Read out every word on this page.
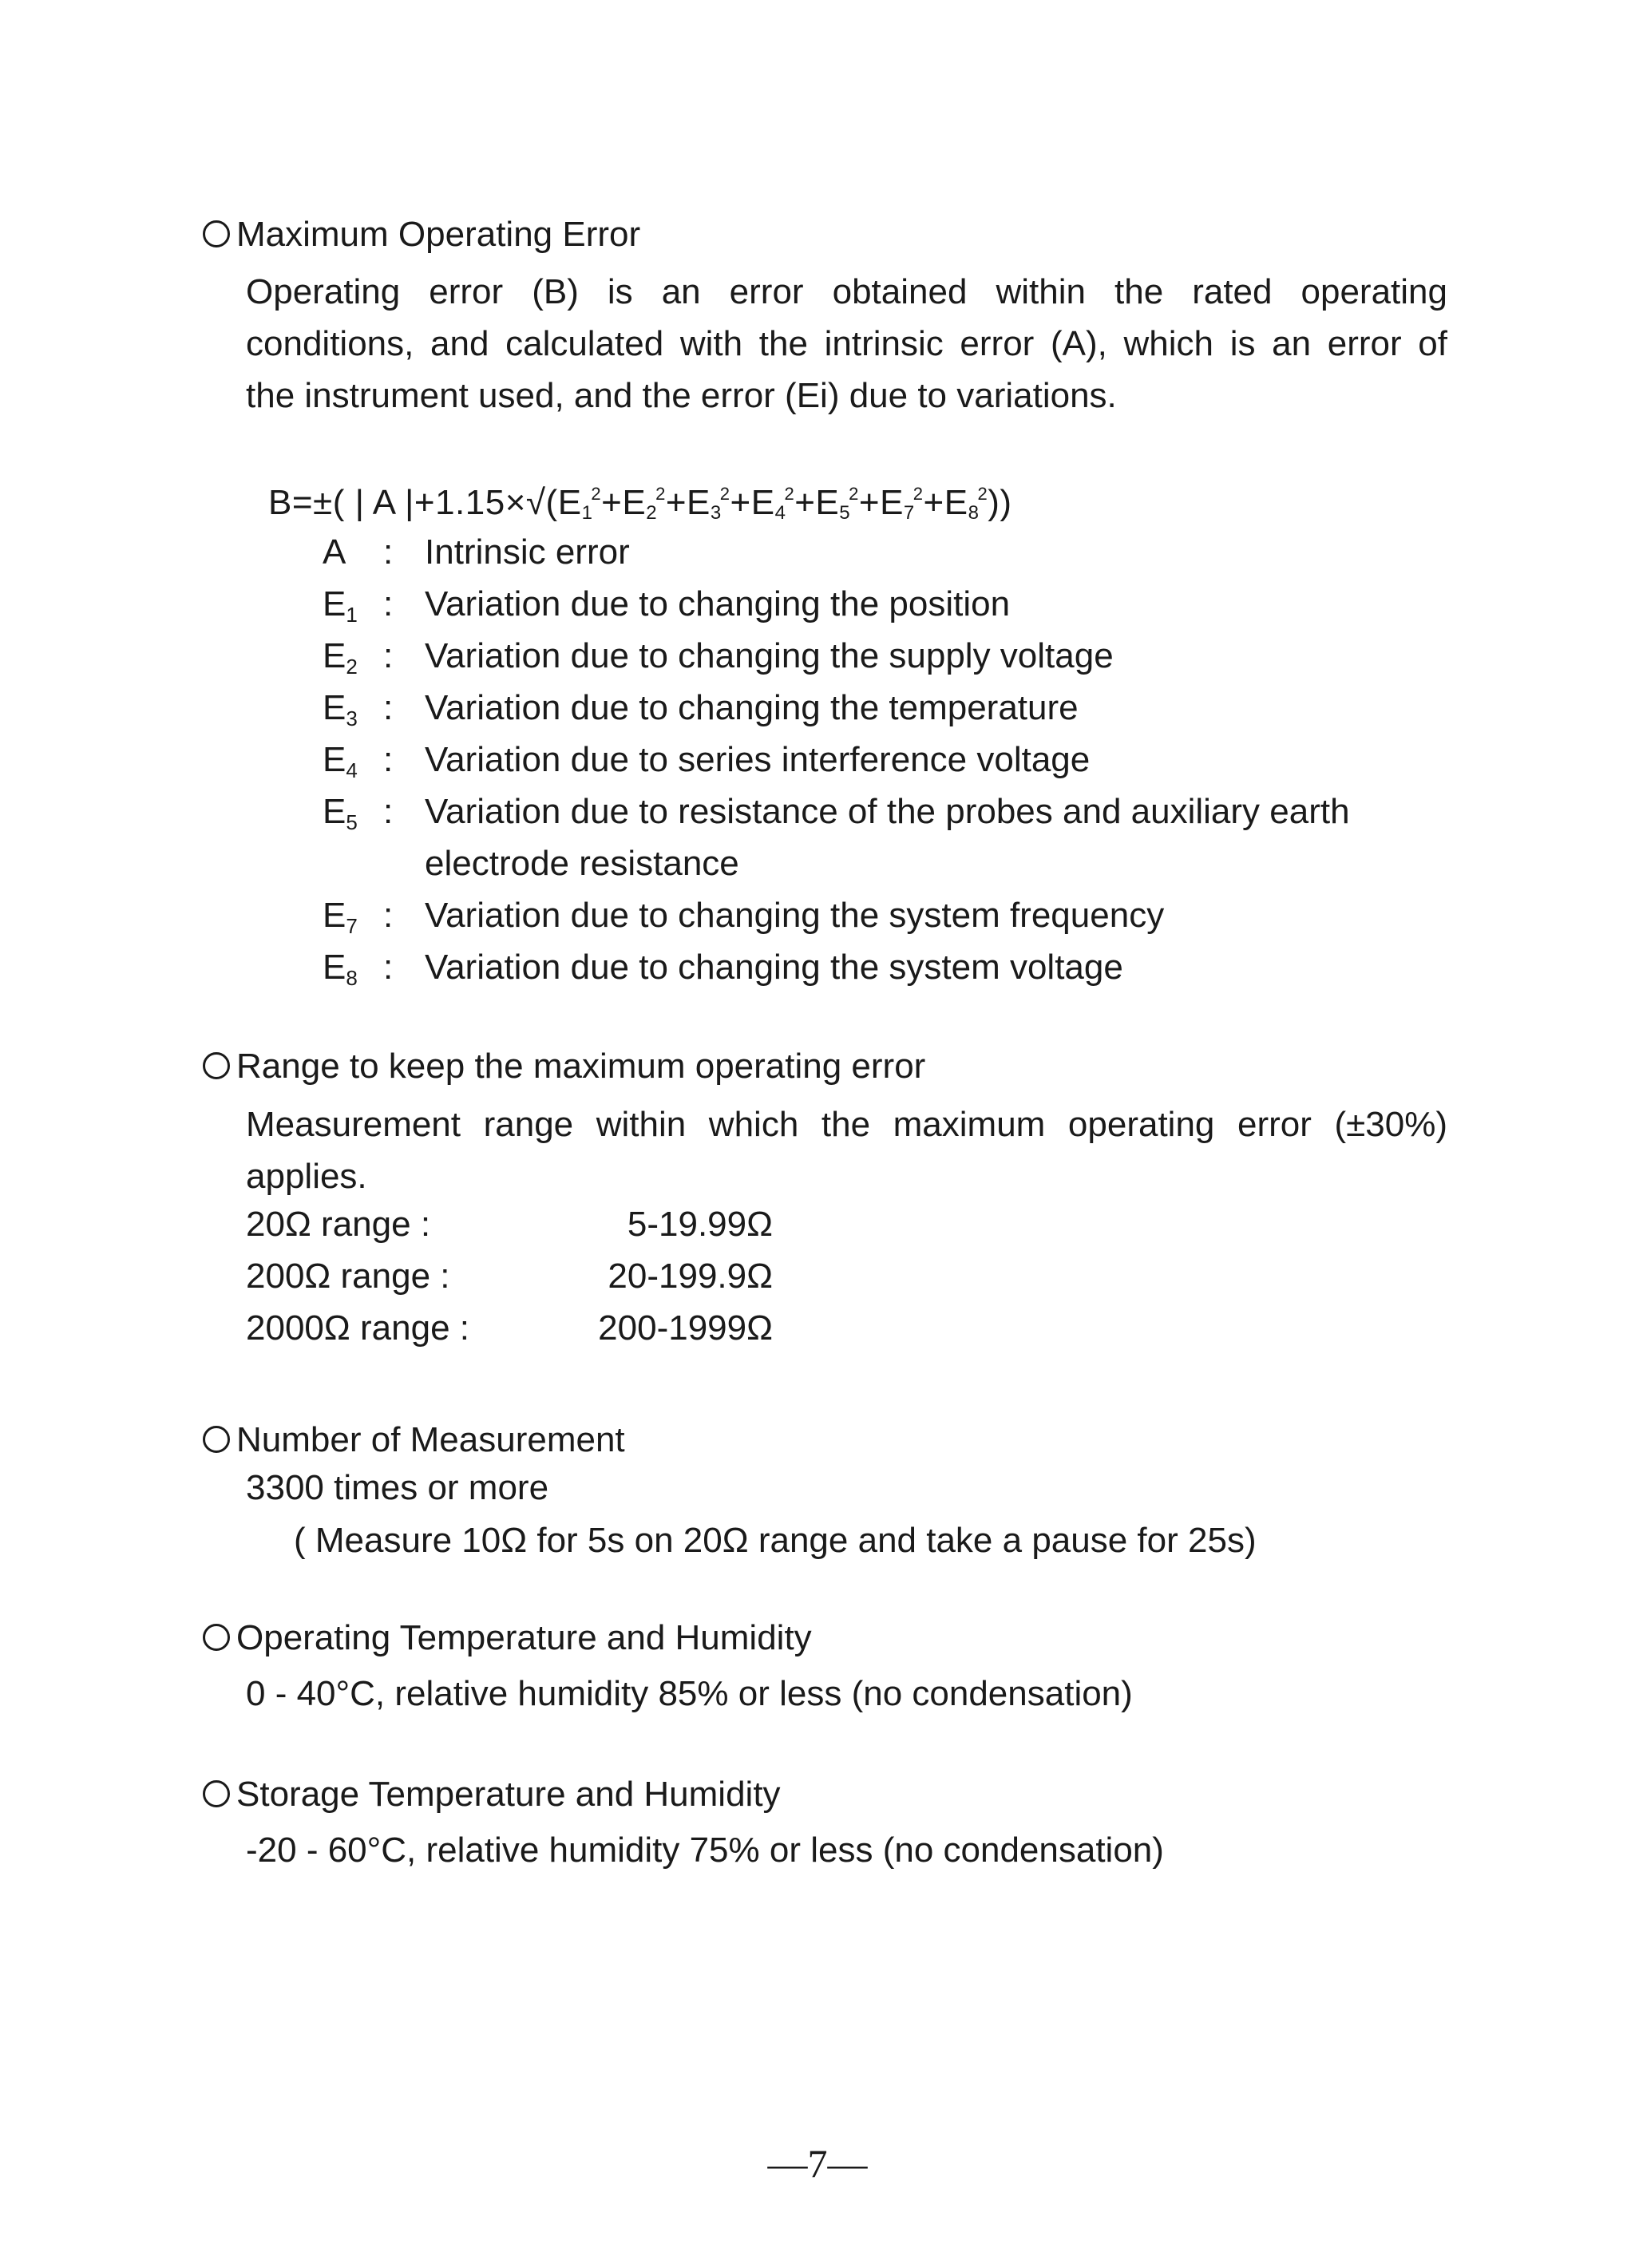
Maximum Operating Error
Operating error (B) is an error obtained within the rated operating
conditions, and calculated with the intrinsic error (A), which is an error of
the instrument used, and the error (Ei) due to variations.
B=±( | A $|+1.15\times√(E_1^2+E_2^2+E_3^2+E_4^2+E_5^2+E_7^2+E_8^2)$)
A	: Intrinsic error
$E_1$ : Variation due to changing the position
$E_2$ : Variation due to changing the supply voltage
$E_3$ : Variation due to changing the temperature
$E_4$ : Variation due to series interference voltage
$E_5$ : Variation due to resistance of the probes and auxiliary earth
electrode resistance
$E_7$ : Variation due to changing the system frequency
$E_8$ : Variation due to changing the system voltage
Range to keep the maximum operating error
Measurement range within which the maximum operating error (±30%)
applies.
20Ω range :	5-19.99Ω
200Ω range :	20-199.9Ω
2000Ω range :	200-1999Ω
Number of Measurement
3300 times or more
( Measure 10Ω for 5s on 20Ω range and take a pause for 25s)
Operating Temperature and Humidity
0 - 40°C, relative humidity 85% or less (no condensation)
Storage Temperature and Humidity
-20 - 60°C, relative humidity 75% or less (no condensation)
—7—
